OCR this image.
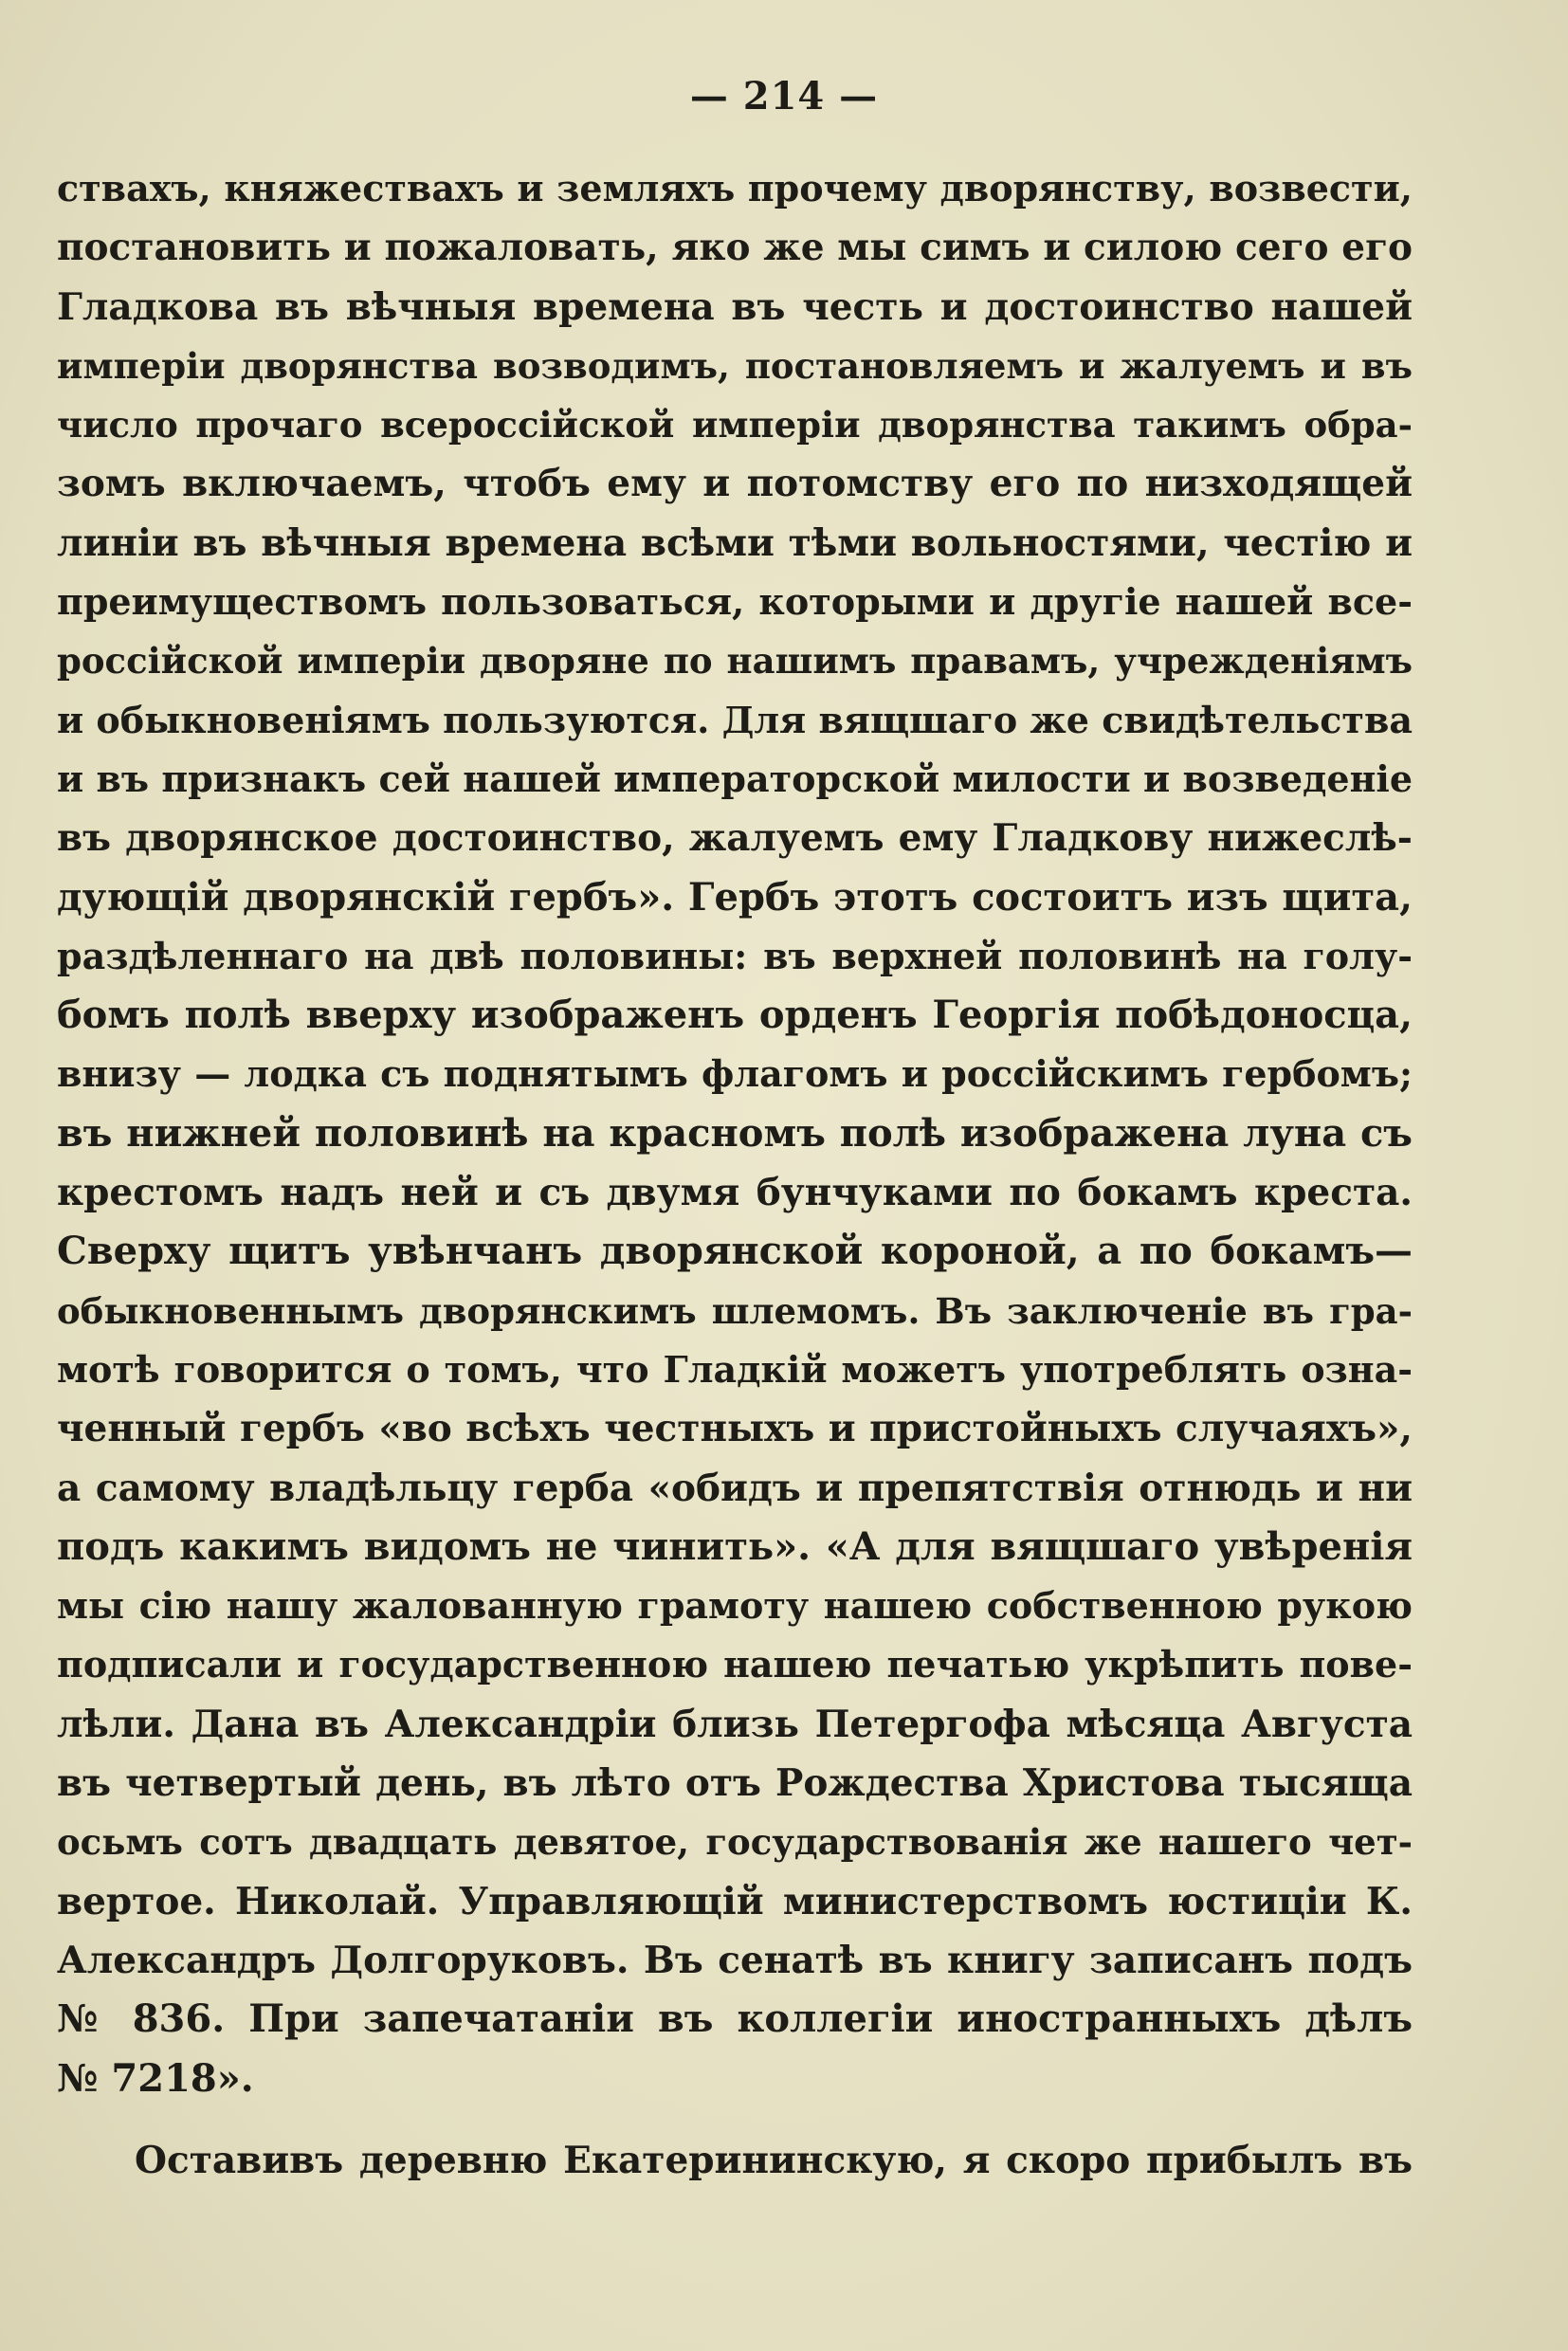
— 214 —
ствахъ, княжествахъ и земляхъ прочему дворянству, возвести,
постановить и пожаловать, яко же мы симъ и силою сего его
Гладкова въ вѣчныя времена въ честь и достоинство нашей
имперіи дворянства возводимъ, постановляемъ и жалуемъ и въ
число прочаго всероссійской имперіи дворянства такимъ обра-
зомъ включаемъ, чтобъ ему и потомству его по низходящей
линіи въ вѣчныя времена всѣми тѣми вольностями, честію и
преимуществомъ пользоваться, которыми и другіе нашей все-
россійской имперіи дворяне по нашимъ правамъ, учрежденіямъ
и обыкновеніямъ пользуются. Для вящшаго же свидѣтельства
и въ признакъ сей нашей императорской милости и возведеніе
въ дворянское достоинство, жалуемъ ему Гладкову нижеслѣ-
дующій дворянскій гербъ». Гербъ этотъ состоитъ изъ щита,
раздѣленнаго на двѣ половины: въ верхней половинѣ на голу-
бомъ полѣ вверху изображенъ орденъ Георгія побѣдоносца,
внизу — лодка съ поднятымъ флагомъ и россійскимъ гербомъ;
въ нижней половинѣ на красномъ полѣ изображена луна съ
крестомъ надъ ней и съ двумя бунчуками по бокамъ креста.
Сверху щитъ увѣнчанъ дворянской короной, а по бокамъ—
обыкновеннымъ дворянскимъ шлемомъ. Въ заключеніе въ гра-
мотѣ говорится о томъ, что Гладкій можетъ употреблять озна-
ченный гербъ «во всѣхъ честныхъ и пристойныхъ случаяхъ»,
а самому владѣльцу герба «обидъ и препятствія отнюдь и ни
подъ какимъ видомъ не чинить». «А для вящшаго увѣренія
мы сію нашу жалованную грамоту нашею собственною рукою
подписали и государственною нашею печатью укрѣпить пове-
лѣли. Дана въ Александріи близь Петергофа мѣсяца Августа
въ четвертый день, въ лѣто отъ Рождества Христова тысяща
осьмъ сотъ двадцать девятое, государствованія же нашего чет-
вертое. Николай. Управляющій министерствомъ юстиціи К.
Александръ Долгоруковъ. Въ сенатѣ въ книгу записанъ подъ
№ 836. При запечатаніи въ коллегіи иностранныхъ дѣлъ
№ 7218».
Оставивъ деревню Екатерининскую, я скоро прибылъ въ
